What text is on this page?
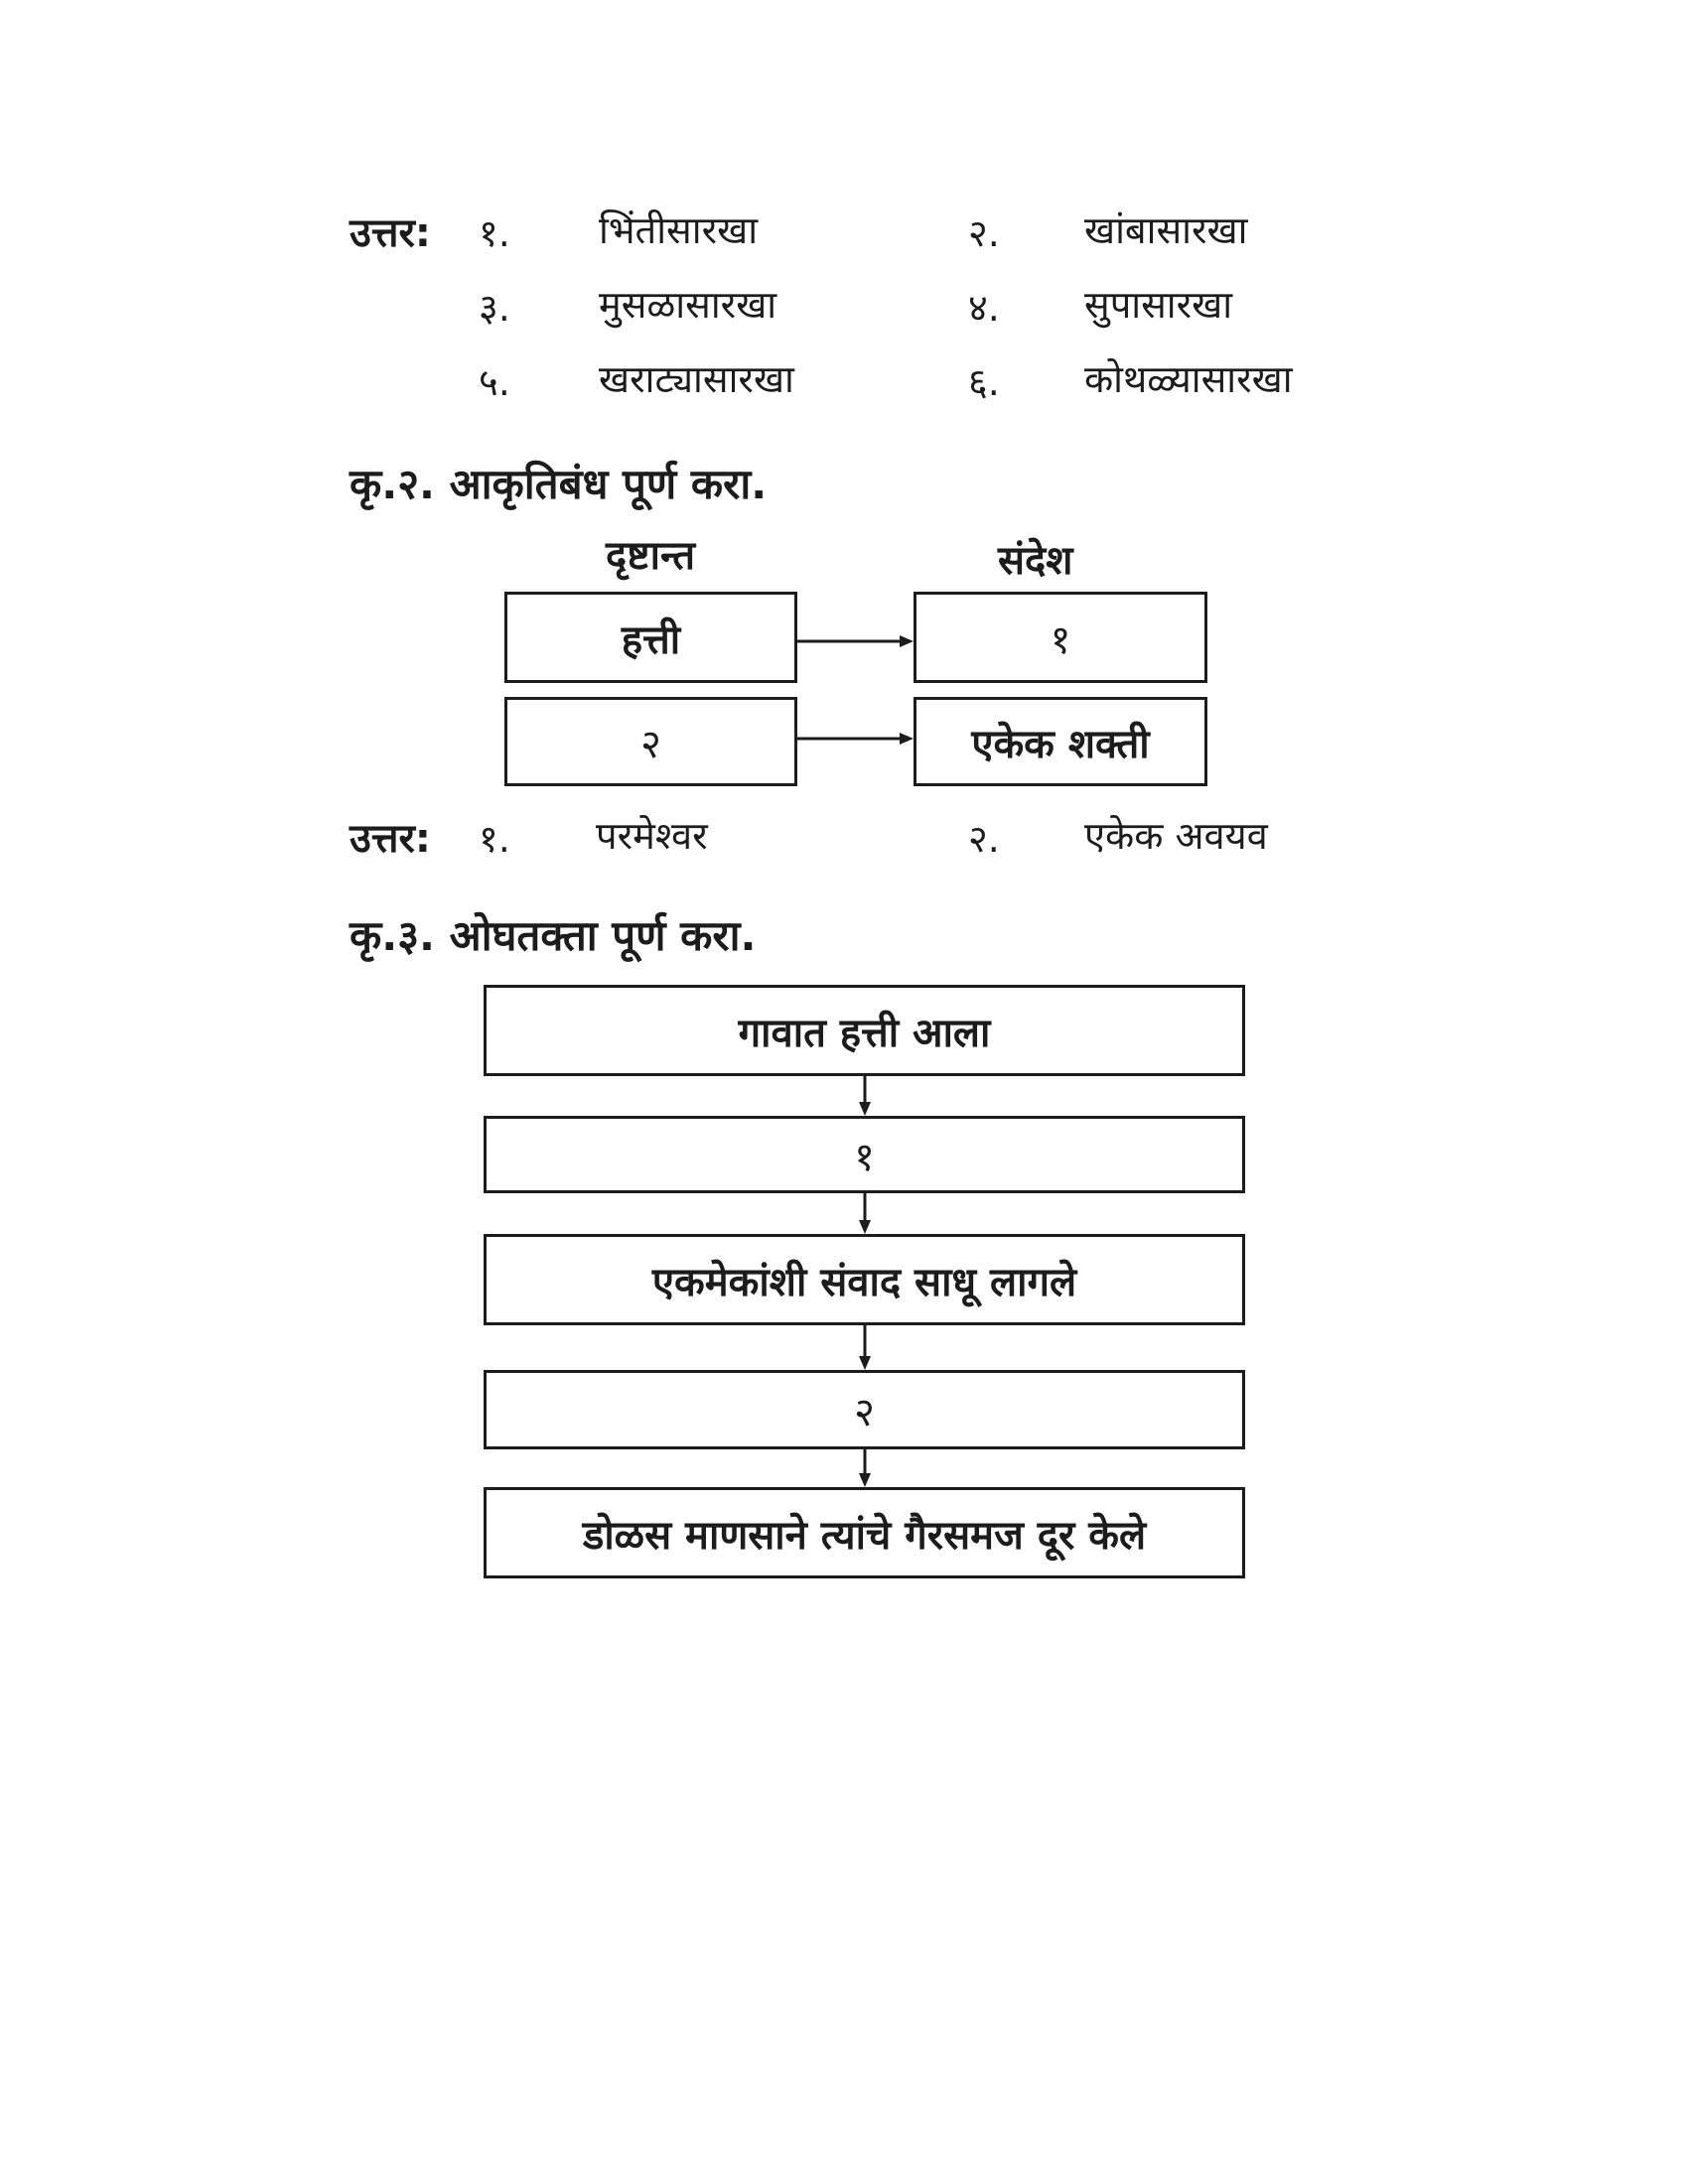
उत्तर: १. भिंतीसारखा	२. खांबासारखा
३. मुसळासारखा	४. सुपासारखा
५. खराट्यासारखा	६. कोथळ्यासारखा
कृ.२. आकृतिबंध पूर्ण करा.
दृष्टान्त	संदेश
हत्ती	१
२	एकेक शक्ती
उत्तर: १. परमेश्वर	२. एकेक अवयव
कृ.३. ओघतक्ता पूर्ण करा.
गावात हत्ती आला
१
एकमेकांशी संवाद साधू लागले
२
डोळस माणसाने त्यांचे गैरसमज दूर केले
